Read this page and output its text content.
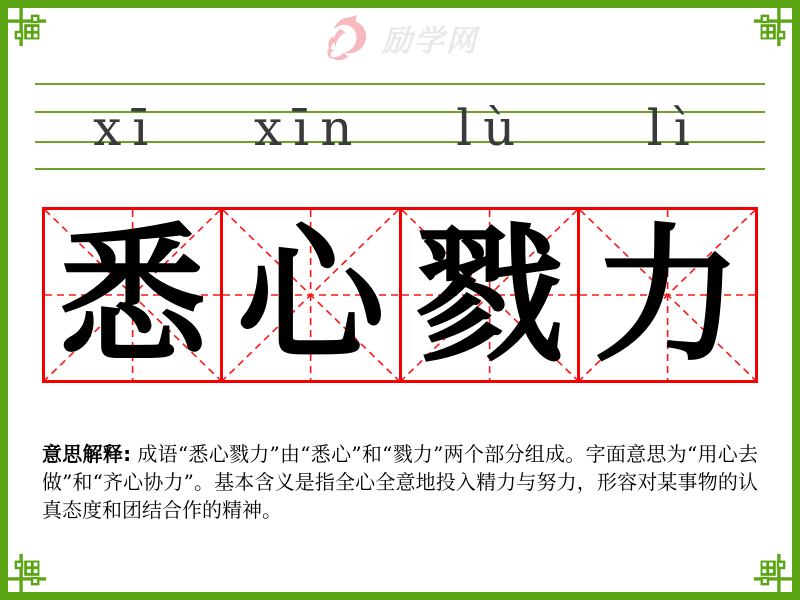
励学网
xī	xīn	lù	lì
悉 心 戮 力

意思解释: 成语“悉心戮力”由“悉心”和“戮力”两个部分组成。字面意思为“用心去做”和“齐心协力”。基本含义是指全心全意地投入精力与努力，形容对某事物的认真态度和团结合作的精神。
